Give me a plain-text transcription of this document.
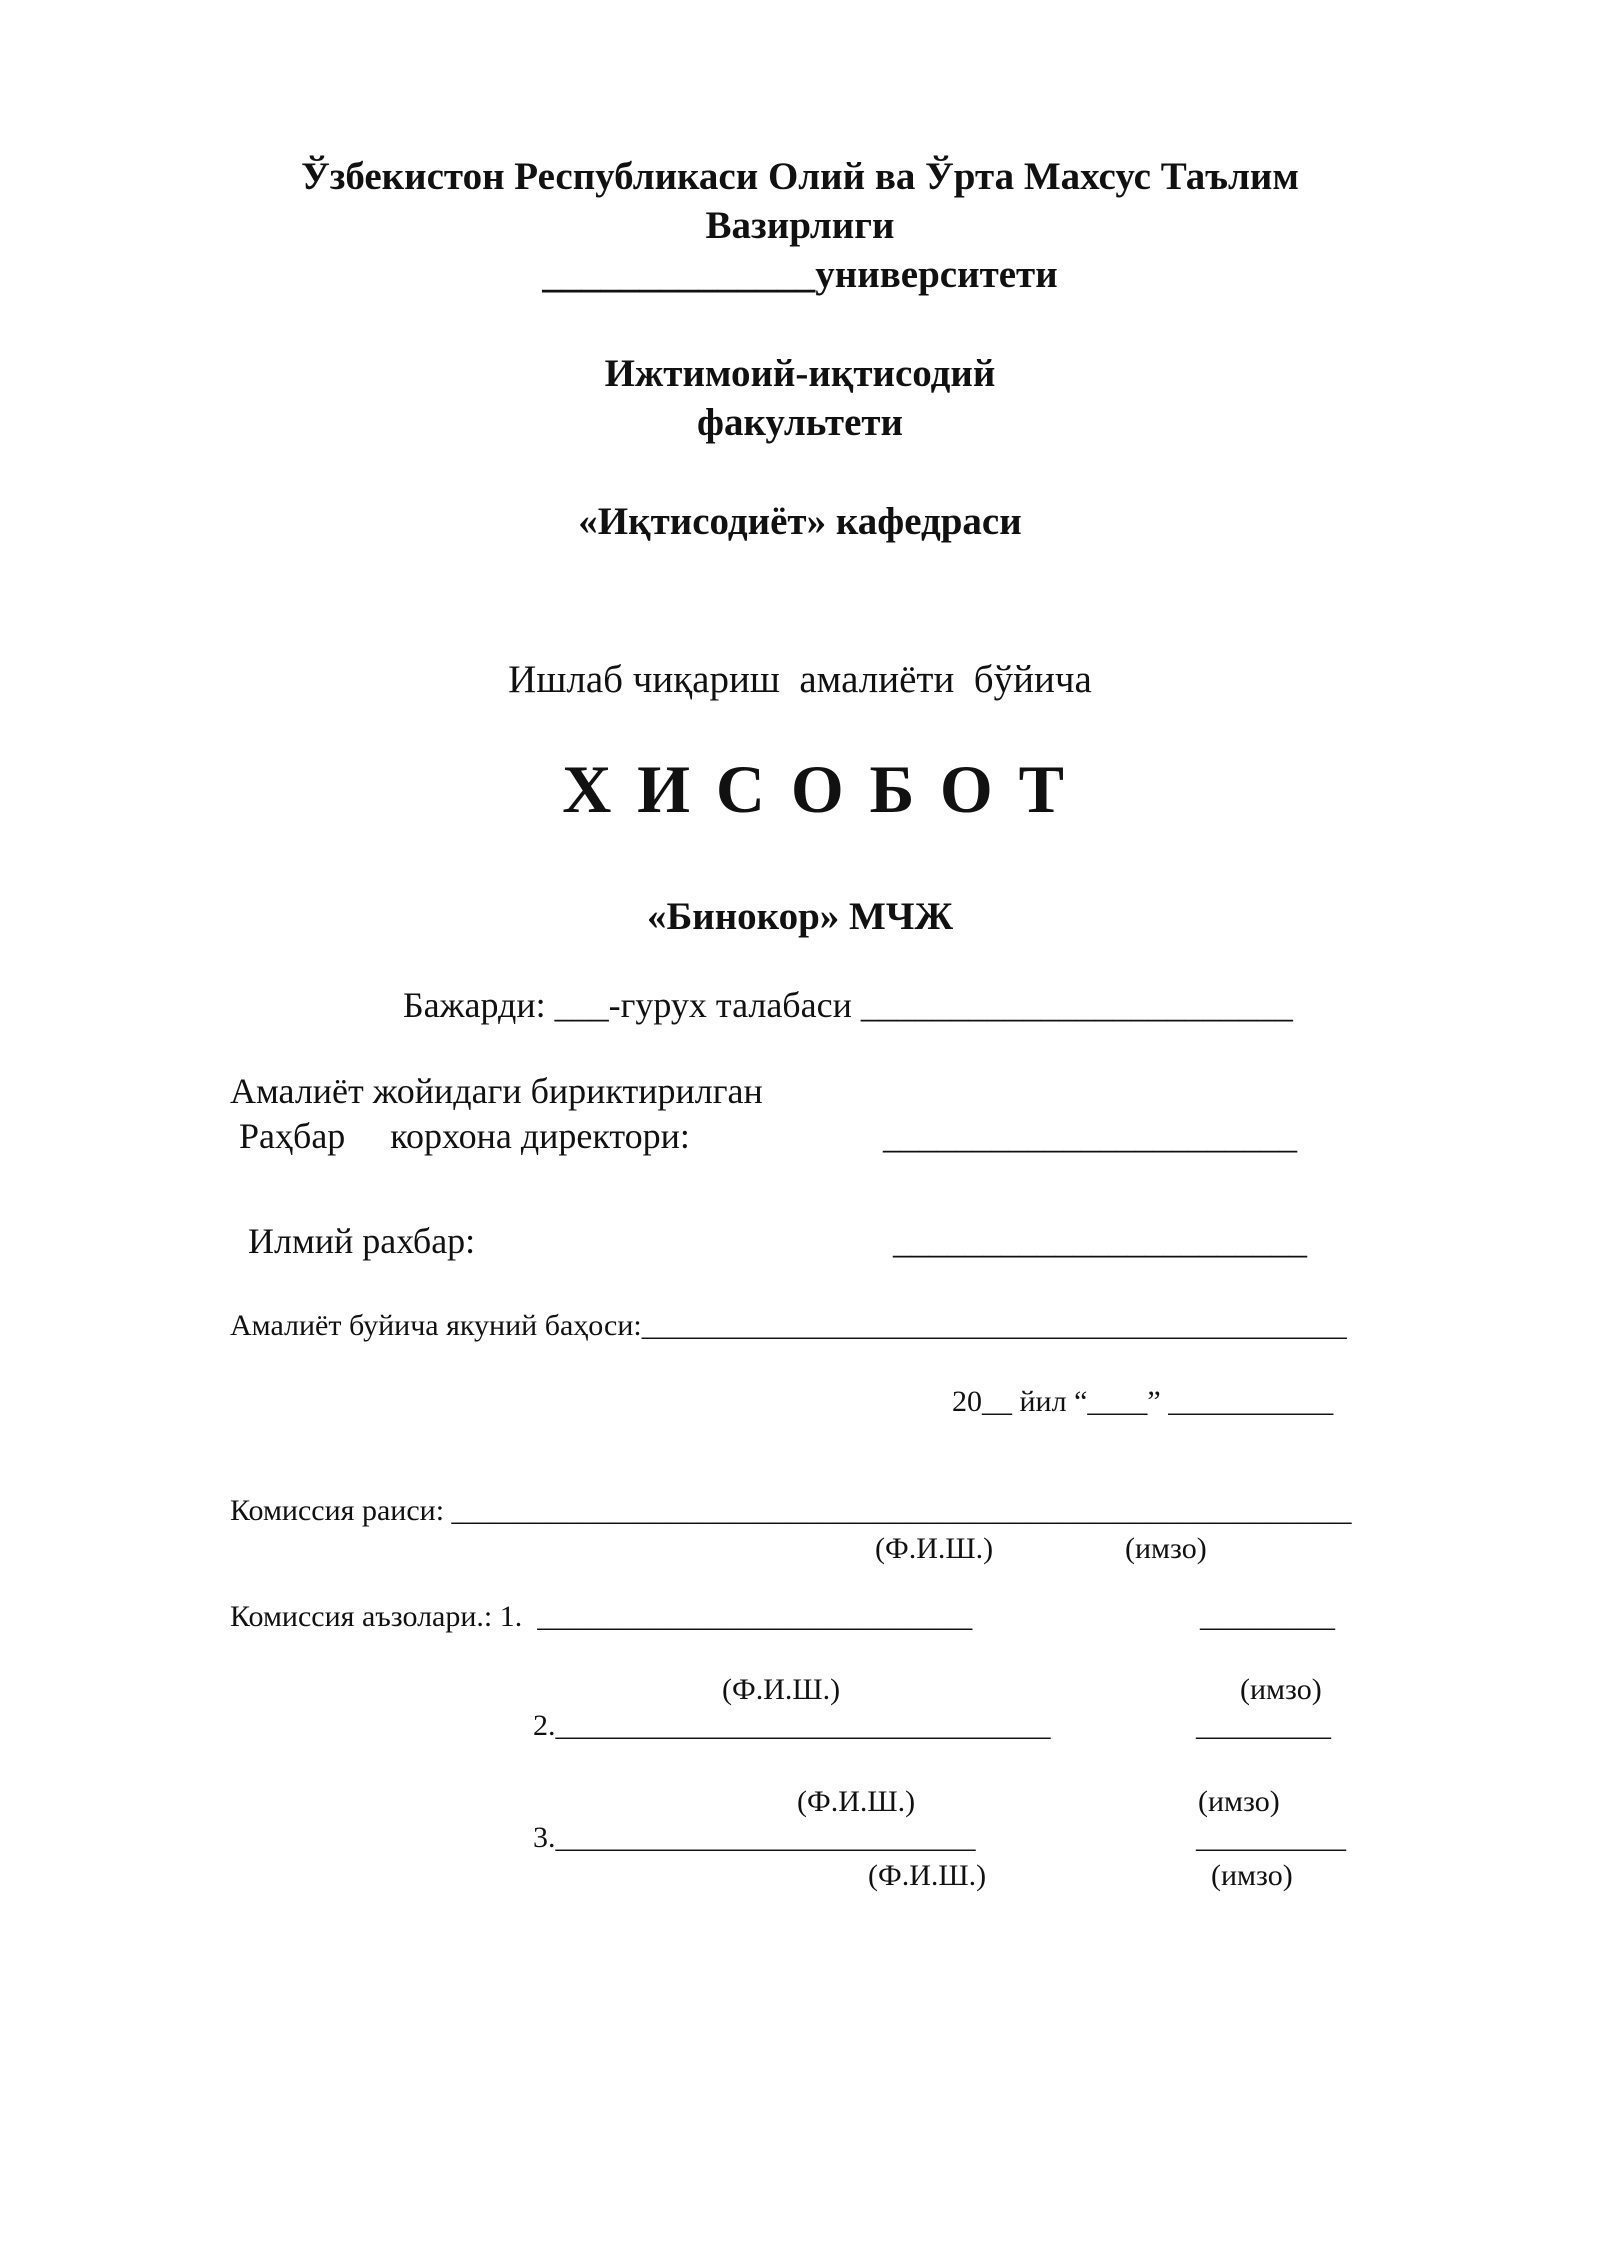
Ўзбекистон Республикаси Олий ва Ўрта Махсус Таълим
Вазирлиги
______________университети
Ижтимоий-иқтисодий
факультети
«Иқтисодиёт» кафедраси
Ишлаб чиқариш  амалиёти  бўйича
ХИСОБОТ
«Бинокор» МЧЖ
Бажарди: ___-гурух талабаси ________________________
Амалиёт жойидаги бириктирилган
Раҳбар     корхона директори:	_______________________
Илмий рахбар:	_______________________
Амалиёт буйича якуний баҳоси:_______________________________________________
20__ йил “____” ___________
Комиссия раиси: ____________________________________________________________
(Ф.И.Ш.)	(имзо)
Комиссия аъзолари.: 1.  _____________________________	_________
(Ф.И.Ш.)	(имзо)
2._________________________________	_________
(Ф.И.Ш.)	(имзо)
3.____________________________	__________
(Ф.И.Ш.)	(имзо)
